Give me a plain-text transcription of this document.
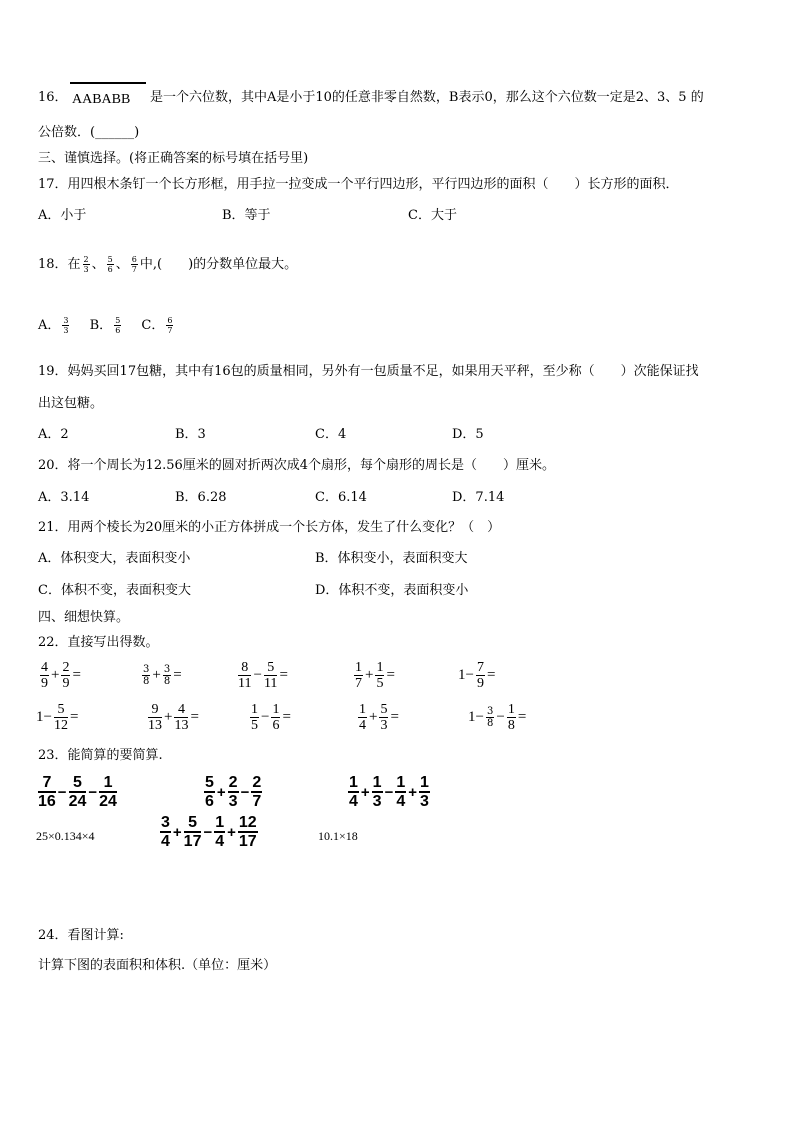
16． AABABB 是一个六位数，其中A是小于10的任意非零自然数，B表示0，那么这个六位数一定是2、3、5 的
公倍数．(______)
三、谨慎选择。(将正确答案的标号填在括号里)
17．用四根木条钉一个长方形框，用手拉一拉变成一个平行四边形，平行四边形的面积（　　）长方形的面积．
A．小于	B．等于	C．大于
18．在 $\frac{2}{3}$ 、 $\frac{5}{6}$ 、 $\frac{6}{7}$ 中,(　　)的分数单位最大。
A． $\frac{3}{3}$ B． $\frac{5}{6}$ C． $\frac{6}{7}$
19．妈妈买回17包糖，其中有16包的质量相同，另外有一包质量不足，如果用天平秤，至少称（　　）次能保证找
出这包糖。
A．2	B．3	C．4	D．5
20．将一个周长为12.56厘米的圆对折两次成4个扇形，每个扇形的周长是（　　）厘米。
A．3.14	B．6.28	C．6.14	D．7.14
21．用两个棱长为20厘米的小正方体拼成一个长方体，发生了什么变化？（　）
A．体积变大，表面积变小	B．体积变小，表面积变大
C．体积不变，表面积变大	D．体积不变，表面积变小
四、细想快算。
22．直接写出得数。
$\frac{4}{9} + \frac{2}{9}$ =	$\frac{3}{8} + \frac{3}{8}$ =	$\frac{8}{11} - \frac{5}{11}$ =	$\frac{1}{7} + \frac{1}{5}$ =	$1- \frac{7}{9}$ =
$1- \frac{5}{12}$ =	$\frac{9}{13} + \frac{4}{13}$ =	$\frac{1}{5} - \frac{1}{6}$ =	$\frac{1}{4} + \frac{5}{3}$ =	$1- \frac{3}{8} - \frac{1}{8}$ =
23．能简算的要简算.
$\frac{7}{16} - \frac{5}{24} - \frac{1}{24}$	$\frac{5}{6} + \frac{2}{3} - \frac{2}{7}$	$\frac{1}{4} + \frac{1}{3} - \frac{1}{4} + \frac{1}{3}$
25×0.134×4	$\frac{3}{4} + \frac{5}{17} - \frac{1}{4} + \frac{12}{17}$	10.1×18
24．看图计算:
计算下图的表面积和体积.（单位：厘米）
